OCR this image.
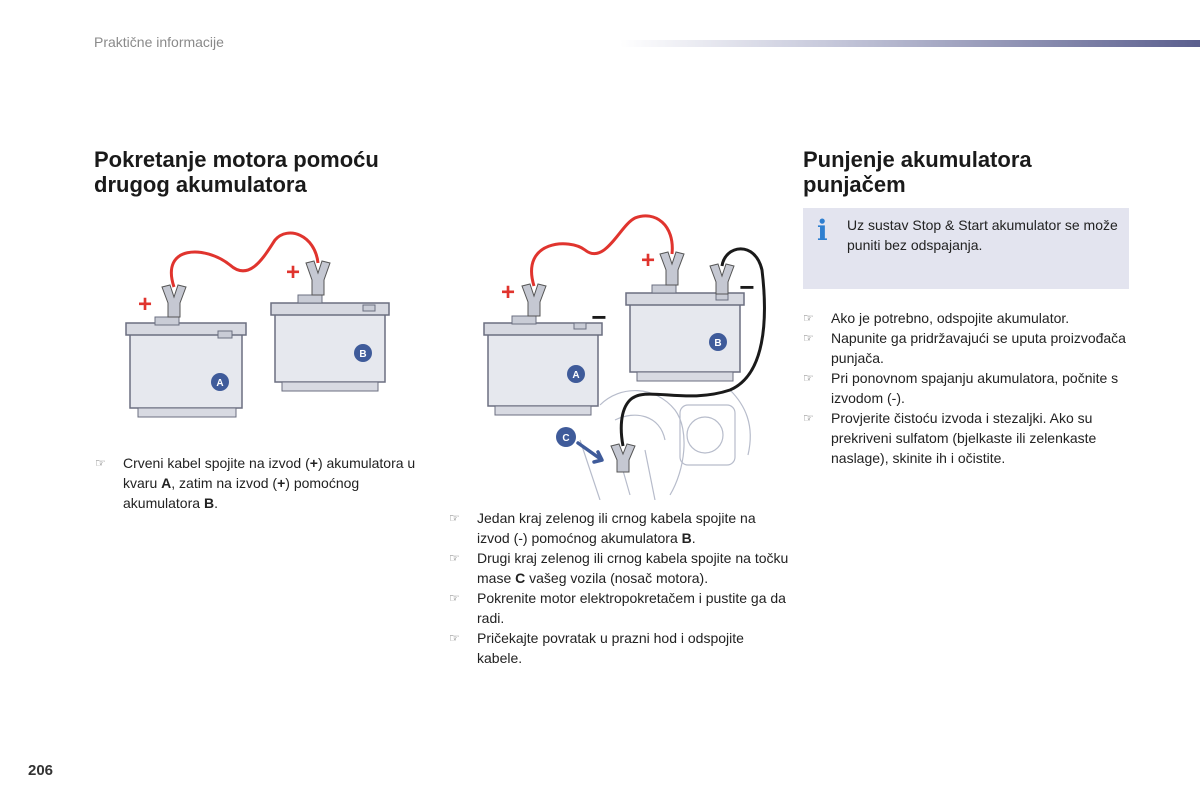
Praktične informacije
Pokretanje motora pomoću
drugog akumulatora
Punjenje akumulatora
punjačem
A
B
+
+
A
B
+
+
−
−
C
☞ Crveni kabel spojite na izvod (+) akumulatora u kvaru A, zatim na izvod (+) pomoćnog akumulatora B.
☞ Jedan kraj zelenog ili crnog kabela spojite na izvod (-) pomoćnog akumulatora B.
☞ Drugi kraj zelenog ili crnog kabela spojite na točku mase C vašeg vozila (nosač motora).
☞ Pokrenite motor elektropokretačem i pustite ga da radi.
☞ Pričekajte povratak u prazni hod i odspojite kabele.
i Uz sustav Stop & Start akumulator se može puniti bez odspajanja.
☞ Ako je potrebno, odspojite akumulator.
☞ Napunite ga pridržavajući se uputa proizvođača punjača.
☞ Pri ponovnom spajanju akumulatora, počnite s izvodom (-).
☞ Provjerite čistoću izvoda i stezaljki. Ako su prekriveni sulfatom (bjelkaste ili zelenkaste naslage), skinite ih i očistite.
206
